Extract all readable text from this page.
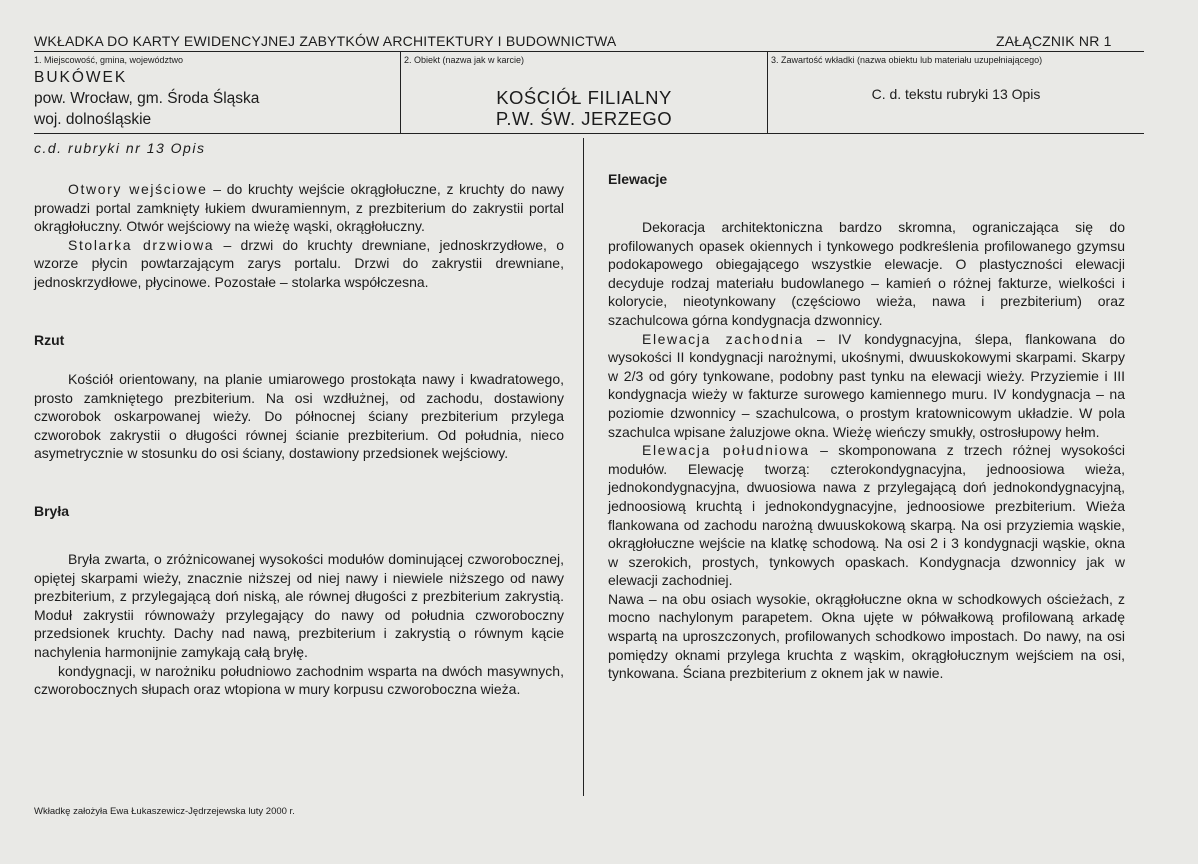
WKŁADKA DO KARTY EWIDENCYJNEJ ZABYTKÓW ARCHITEKTURY I BUDOWNICTWA	ZAŁĄCZNIK NR 1
1. Miejscowość, gmina, województwo
BUKÓWEK
pow. Wrocław, gm. Środa Śląska
woj. dolnośląskie
2. Obiekt (nazwa jak w karcie)
KOŚCIÓŁ FILIALNY
P.W. ŚW. JERZEGO
3. Zawartość wkładki (nazwa obiektu lub materiału uzupełniającego)
C. d. tekstu rubryki 13 Opis
c.d. rubryki nr 13 Opis

Otwory wejściowe – do kruchty wejście okrągłołuczne, z kruchty do nawy prowadzi portal zamknięty łukiem dwuramiennym, z prezbiterium do zakrystii portal okrągłołuczny. Otwór wejściowy na wieżę wąski, okrągłołuczny.

Stolarka drzwiowa – drzwi do kruchty drewniane, jednoskrzydłowe, o wzorze płycin powtarzającym zarys portalu. Drzwi do zakrystii drewniane, jednoskrzydłowe, płycinowe. Pozostałe – stolarka współczesna.

Rzut

Kościół orientowany, na planie umiarowego prostokąta nawy i kwadratowego, prosto zamkniętego prezbiterium. Na osi wzdłużnej, od zachodu, dostawiony czworobok oskarpowanej wieży. Do północnej ściany prezbiterium przylega czworobok zakrystii o długości równej ścianie prezbiterium. Od południa, nieco asymetrycznie w stosunku do osi ściany, dostawiony przedsionek wejściowy.

Bryła

Bryła zwarta, o zróżnicowanej wysokości modułów dominującej czworobocznej, opiętej skarpami wieży, znacznie niższej od niej nawy i niewiele niższego od nawy prezbiterium, z przylegającą doń niską, ale równej długości z prezbiterium zakrystią. Moduł zakrystii równoważy przylegający do nawy od południa czworoboczny przedsionek kruchty. Dachy nad nawą, prezbiterium i zakrystią o równym kącie nachylenia harmonijnie zamykają całą bryłę.

kondygnacji, w narożniku południowo zachodnim wsparta na dwóch masywnych, czworobocznych słupach oraz wtopiona w mury korpusu czworoboczna wieża.

Elewacje

Dekoracja architektoniczna bardzo skromna, ograniczająca się do profilowanych opasek okiennych i tynkowego podkreślenia profilowanego gzymsu podokapowego obiegającego wszystkie elewacje. O plastyczności elewacji decyduje rodzaj materiału budowlanego – kamień o różnej fakturze, wielkości i kolorycie, nieotynkowany (częściowo wieża, nawa i prezbiterium) oraz szachulcowa górna kondygnacja dzwonnicy.

Elewacja zachodnia – IV kondygnacyjna, ślepa, flankowana do wysokości II kondygnacji narożnymi, ukośnymi, dwuuskokowymi skarpami. Skarpy w 2/3 od góry tynkowane, podobny past tynku na elewacji wieży. Przyziemie i III kondygnacja wieży w fakturze surowego kamiennego muru. IV kondygnacja – na poziomie dzwonnicy – szachulcowa, o prostym kratownicowym układzie. W pola szachulca wpisane żaluzjowe okna. Wieżę wieńczy smukły, ostrosłupowy hełm.

Elewacja południowa – skomponowana z trzech różnej wysokości modułów. Elewację tworzą: czterokondygnacyjna, jednoosiowa wieża, jednokondygnacyjna, dwuosiowa nawa z przylegającą doń jednokondygnacyjną, jednoosiową kruchtą i jednokondygnacyjne, jednoosiowe prezbiterium. Wieża flankowana od zachodu narożną dwuuskokową skarpą. Na osi przyziemia wąskie, okrągłołuczne wejście na klatkę schodową. Na osi 2 i 3 kondygnacji wąskie, okna w szerokich, prostych, tynkowych opaskach. Kondygnacja dzwonnicy jak w elewacji zachodniej.

Nawa – na obu osiach wysokie, okrągłołuczne okna w schodkowych ościeżach, z mocno nachylonym parapetem. Okna ujęte w półwałkową profilowaną arkadę wspartą na uproszczonych, profilowanych schodkowo impostach. Do nawy, na osi pomiędzy oknami przylega kruchta z wąskim, okrągłołucznym wejściem na osi, tynkowana. Ściana prezbiterium z oknem jak w nawie.

Wkładkę założyła Ewa Łukaszewicz-Jędrzejewska luty 2000 r.
